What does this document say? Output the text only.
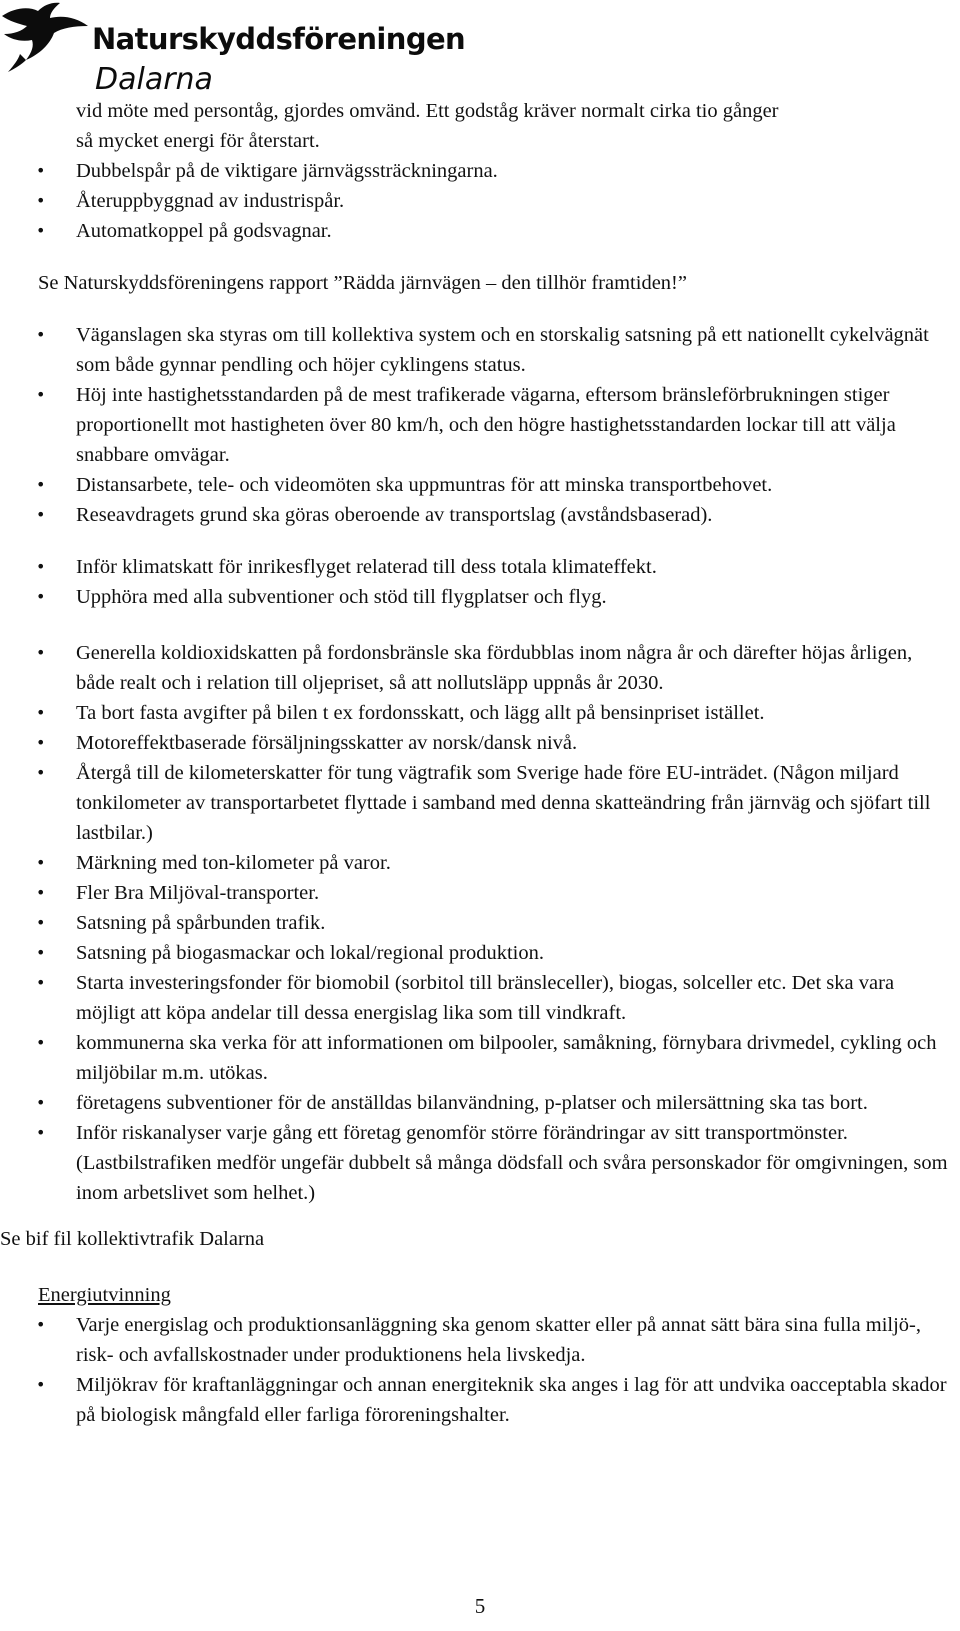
Naturskyddsföreningen
Dalarna
vid möte med persontåg, gjordes omvänd. Ett godståg kräver normalt cirka tio gånger
så mycket energi för återstart.
• Dubbelspår på de viktigare järnvägssträckningarna.
• Återuppbyggnad av industrispår.
• Automatkoppel på godsvagnar.
Se Naturskyddsföreningens rapport ”Rädda järnvägen – den tillhör framtiden!”
• Väganslagen ska styras om till kollektiva system och en storskalig satsning på ett nationellt cykelvägnät som både gynnar pendling och höjer cyklingens status.
• Höj inte hastighetsstandarden på de mest trafikerade vägarna, eftersom bränsleförbrukningen stiger proportionellt mot hastigheten över 80 km/h, och den högre hastighetsstandarden lockar till att välja snabbare omvägar.
• Distansarbete, tele- och videomöten ska uppmuntras för att minska transportbehovet.
• Reseavdragets grund ska göras oberoende av transportslag (avståndsbaserad).
• Inför klimatskatt för inrikesflyget relaterad till dess totala klimateffekt.
• Upphöra med alla subventioner och stöd till flygplatser och flyg.
• Generella koldioxidskatten på fordonsbränsle ska fördubblas inom några år och därefter höjas årligen, både realt och i relation till oljepriset, så att nollutsläpp uppnås år 2030.
• Ta bort fasta avgifter på bilen t ex fordonsskatt, och lägg allt på bensinpriset istället.
• Motoreffektbaserade försäljningsskatter av norsk/dansk nivå.
• Återgå till de kilometerskatter för tung vägtrafik som Sverige hade före EU-inträdet. (Någon miljard tonkilometer av transportarbetet flyttade i samband med denna skatteändring från järnväg och sjöfart till lastbilar.)
• Märkning med ton-kilometer på varor.
• Fler Bra Miljöval-transporter.
• Satsning på spårbunden trafik.
• Satsning på biogasmackar och lokal/regional produktion.
• Starta investeringsfonder för biomobil (sorbitol till bränsleceller), biogas, solceller etc. Det ska vara möjligt att köpa andelar till dessa energislag lika som till vindkraft.
• kommunerna ska verka för att informationen om bilpooler, samåkning, förnybara drivmedel, cykling och miljöbilar m.m. utökas.
• företagens subventioner för de anställdas bilanvändning, p-platser och milersättning ska tas bort.
• Inför riskanalyser varje gång ett företag genomför större förändringar av sitt transportmönster. (Lastbilstrafiken medför ungefär dubbelt så många dödsfall och svåra personskador för omgivningen, som inom arbetslivet som helhet.)
Se bif fil kollektivtrafik Dalarna
Energiutvinning
• Varje energislag och produktionsanläggning ska genom skatter eller på annat sätt bära sina fulla miljö-, risk- och avfallskostnader under produktionens hela livskedja.
• Miljökrav för kraftanläggningar och annan energiteknik ska anges i lag för att undvika oacceptabla skador på biologisk mångfald eller farliga föroreningshalter.
5
